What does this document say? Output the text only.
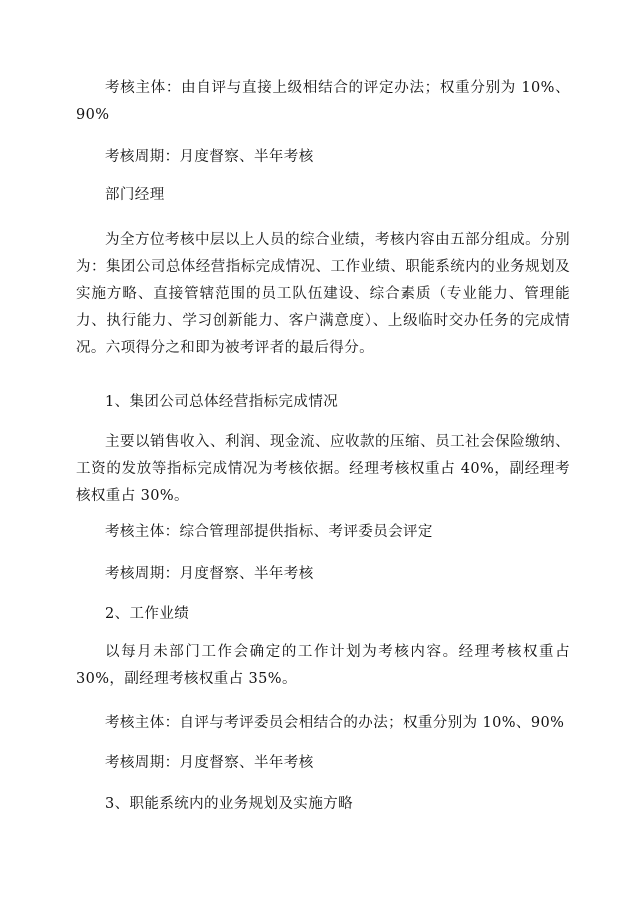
考核主体：由自评与直接上级相结合的评定办法；权重分别为 10%、90%

考核周期：月度督察、半年考核

部门经理

为全方位考核中层以上人员的综合业绩，考核内容由五部分组成。分别为：集团公司总体经营指标完成情况、工作业绩、职能系统内的业务规划及实施方略、直接管辖范围的员工队伍建设、综合素质（专业能力、管理能力、执行能力、学习创新能力、客户满意度）、上级临时交办任务的完成情况。六项得分之和即为被考评者的最后得分。

1、集团公司总体经营指标完成情况

主要以销售收入、利润、现金流、应收款的压缩、员工社会保险缴纳、工资的发放等指标完成情况为考核依据。经理考核权重占 40%，副经理考核权重占 30%。

考核主体：综合管理部提供指标、考评委员会评定

考核周期：月度督察、半年考核

2、工作业绩

以每月未部门工作会确定的工作计划为考核内容。经理考核权重占 30%，副经理考核权重占 35%。

考核主体：自评与考评委员会相结合的办法；权重分别为 10%、90%

考核周期：月度督察、半年考核

3、职能系统内的业务规划及实施方略
